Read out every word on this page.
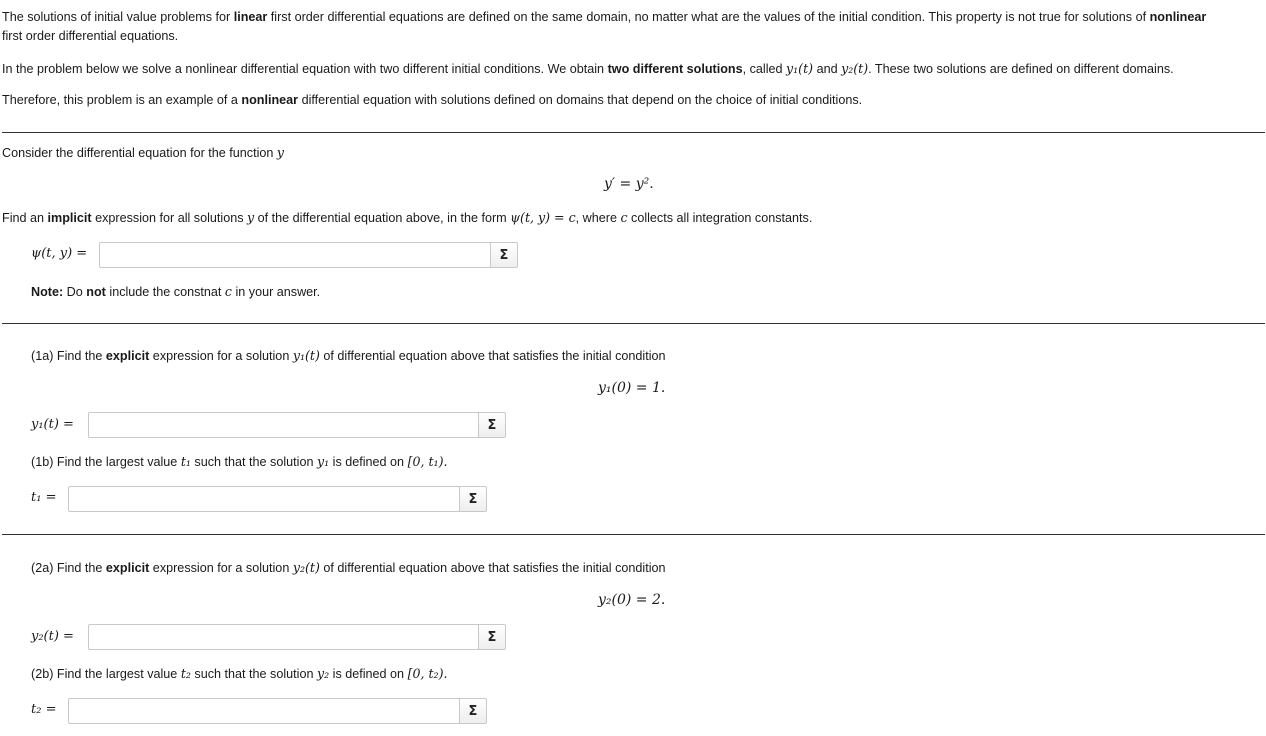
The solutions of initial value problems for linear first order differential equations are defined on the same domain, no matter what are the values of the initial condition. This property is not true for solutions of nonlinear
first order differential equations.
In the problem below we solve a nonlinear differential equation with two different initial conditions. We obtain two different solutions, called y₁(t) and y₂(t). These two solutions are defined on different domains.
Therefore, this problem is an example of a nonlinear differential equation with solutions defined on domains that depend on the choice of initial conditions.
Consider the differential equation for the function y
y′ = y².
Find an implicit expression for all solutions y of the differential equation above, in the form ψ(t, y) = c, where c collects all integration constants.
ψ(t, y) =	Σ
Note: Do not include the constnat c in your answer.
(1a) Find the explicit expression for a solution y₁(t) of differential equation above that satisfies the initial condition
y₁(0) = 1.
y₁(t) =	Σ
(1b) Find the largest value t₁ such that the solution y₁ is defined on [0, t₁).
t₁ =	Σ
(2a) Find the explicit expression for a solution y₂(t) of differential equation above that satisfies the initial condition
y₂(0) = 2.
y₂(t) =	Σ
(2b) Find the largest value t₂ such that the solution y₂ is defined on [0, t₂).
t₂ =	Σ
